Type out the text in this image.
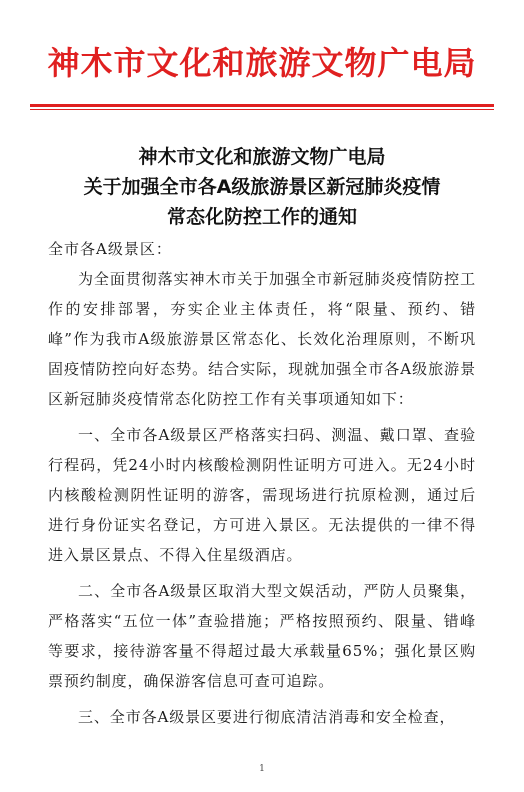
神木市文化和旅游文物广电局
神木市文化和旅游文物广电局
关于加强全市各A级旅游景区新冠肺炎疫情
常态化防控工作的通知
全市各A级景区：

为全面贯彻落实神木市关于加强全市新冠肺炎疫情防控工作的安排部署，夯实企业主体责任，将“限量、预约、错峰”作为我市A级旅游景区常态化、长效化治理原则，不断巩固疫情防控向好态势。结合实际，现就加强全市各A级旅游景区新冠肺炎疫情常态化防控工作有关事项通知如下：

一、全市各A级景区严格落实扫码、测温、戴口罩、查验行程码，凭24小时内核酸检测阴性证明方可进入。无24小时内核酸检测阴性证明的游客，需现场进行抗原检测，通过后进行身份证实名登记，方可进入景区。无法提供的一律不得进入景区景点、不得入住星级酒店。

二、全市各A级景区取消大型文娱活动，严防人员聚集，严格落实“五位一体”查验措施；严格按照预约、限量、错峰等要求，接待游客量不得超过最大承载量65%；强化景区购票预约制度，确保游客信息可查可追踪。

三、全市各A级景区要进行彻底清洁消毒和安全检查，

1
